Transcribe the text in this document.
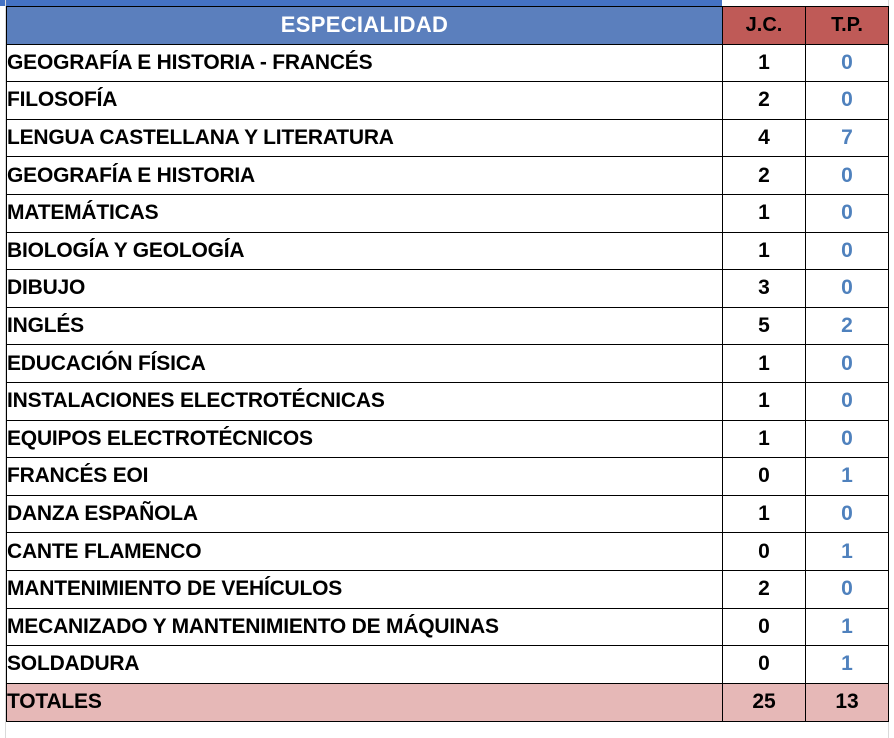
ESPECIALIDAD	J.C.	T.P.
GEOGRAFÍA E HISTORIA - FRANCÉS	1	0
FILOSOFÍA	2	0
LENGUA CASTELLANA Y LITERATURA	4	7
GEOGRAFÍA E HISTORIA	2	0
MATEMÁTICAS	1	0
BIOLOGÍA Y GEOLOGÍA	1	0
DIBUJO	3	0
INGLÉS	5	2
EDUCACIÓN FÍSICA	1	0
INSTALACIONES ELECTROTÉCNICAS	1	0
EQUIPOS ELECTROTÉCNICOS	1	0
FRANCÉS EOI	0	1
DANZA ESPAÑOLA	1	0
CANTE FLAMENCO	0	1
MANTENIMIENTO DE VEHÍCULOS	2	0
MECANIZADO Y MANTENIMIENTO DE MÁQUINAS	0	1
SOLDADURA	0	1
TOTALES	25	13
